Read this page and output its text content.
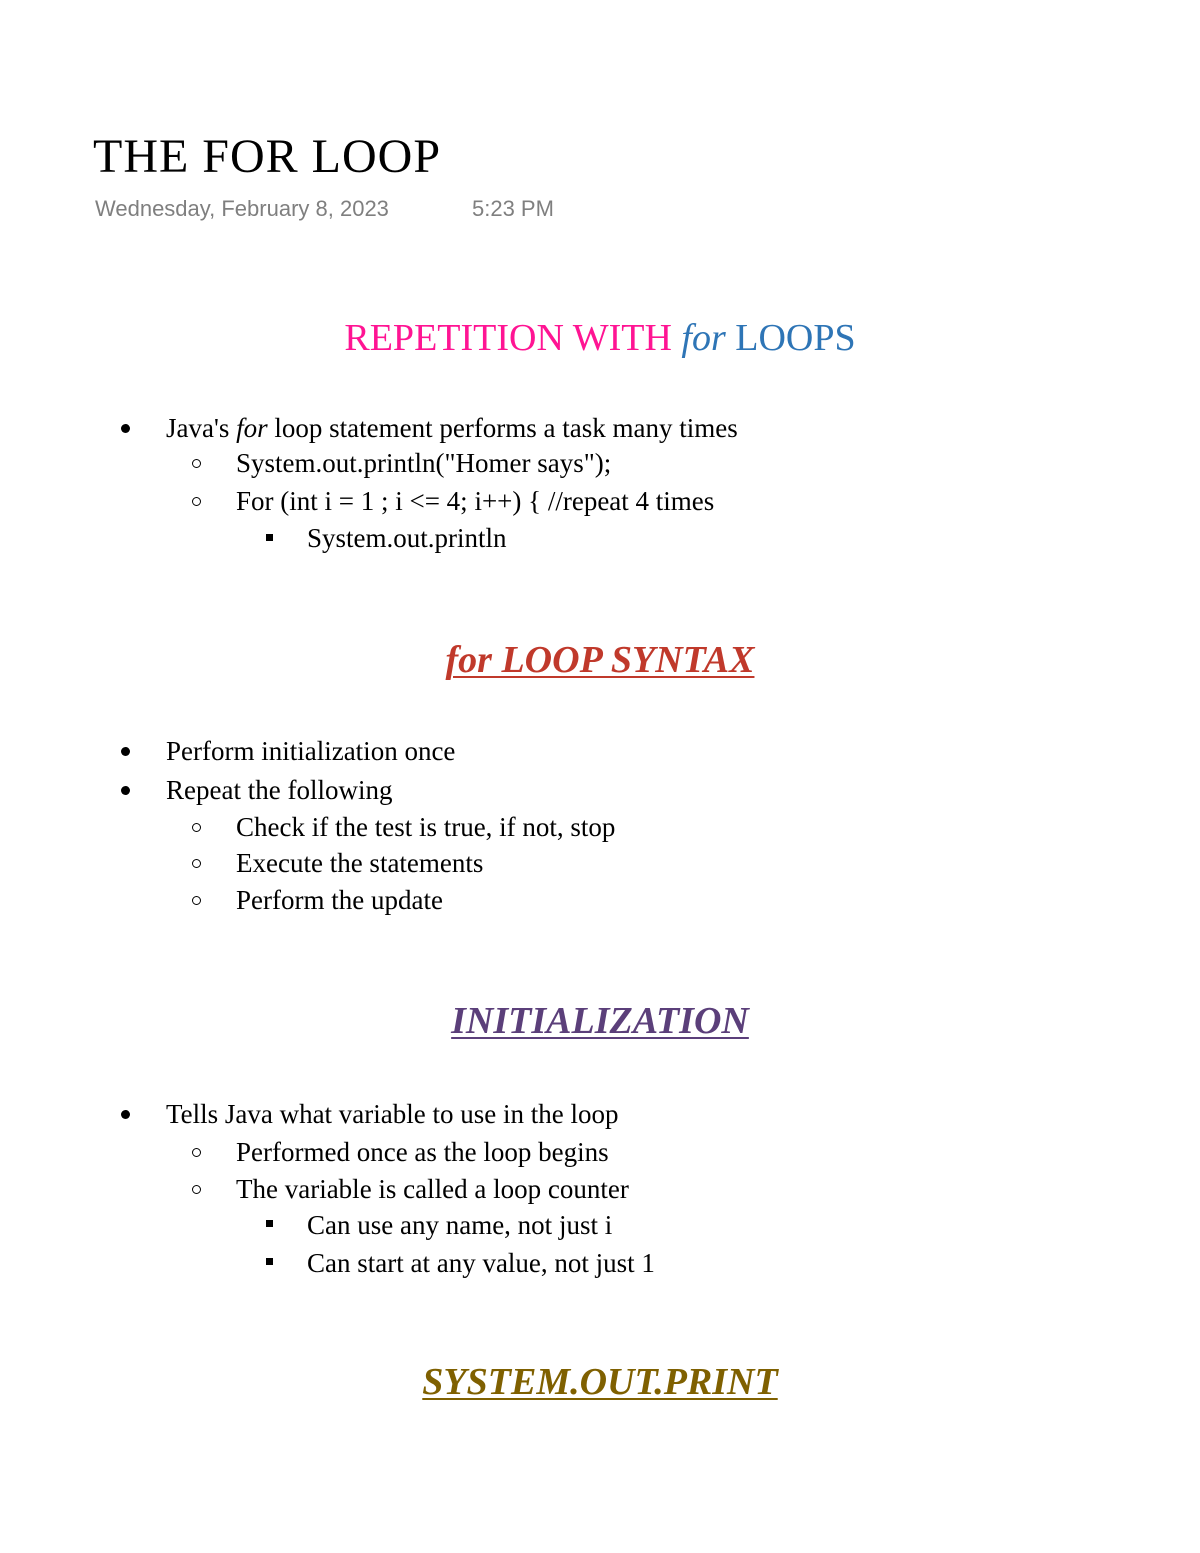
THE FOR LOOP
Wednesday, February 8, 2023	5:23 PM
REPETITION WITH for LOOPS
Java's for loop statement performs a task many times
System.out.println("Homer says");
For (int i = 1 ; i <= 4; i++) { //repeat 4 times
System.out.println
for LOOP SYNTAX
Perform initialization once
Repeat the following
Check if the test is true, if not, stop
Execute the statements
Perform the update
INITIALIZATION
Tells Java what variable to use in the loop
Performed once as the loop begins
The variable is called a loop counter
Can use any name, not just i
Can start at any value, not just 1
SYSTEM.OUT.PRINT
